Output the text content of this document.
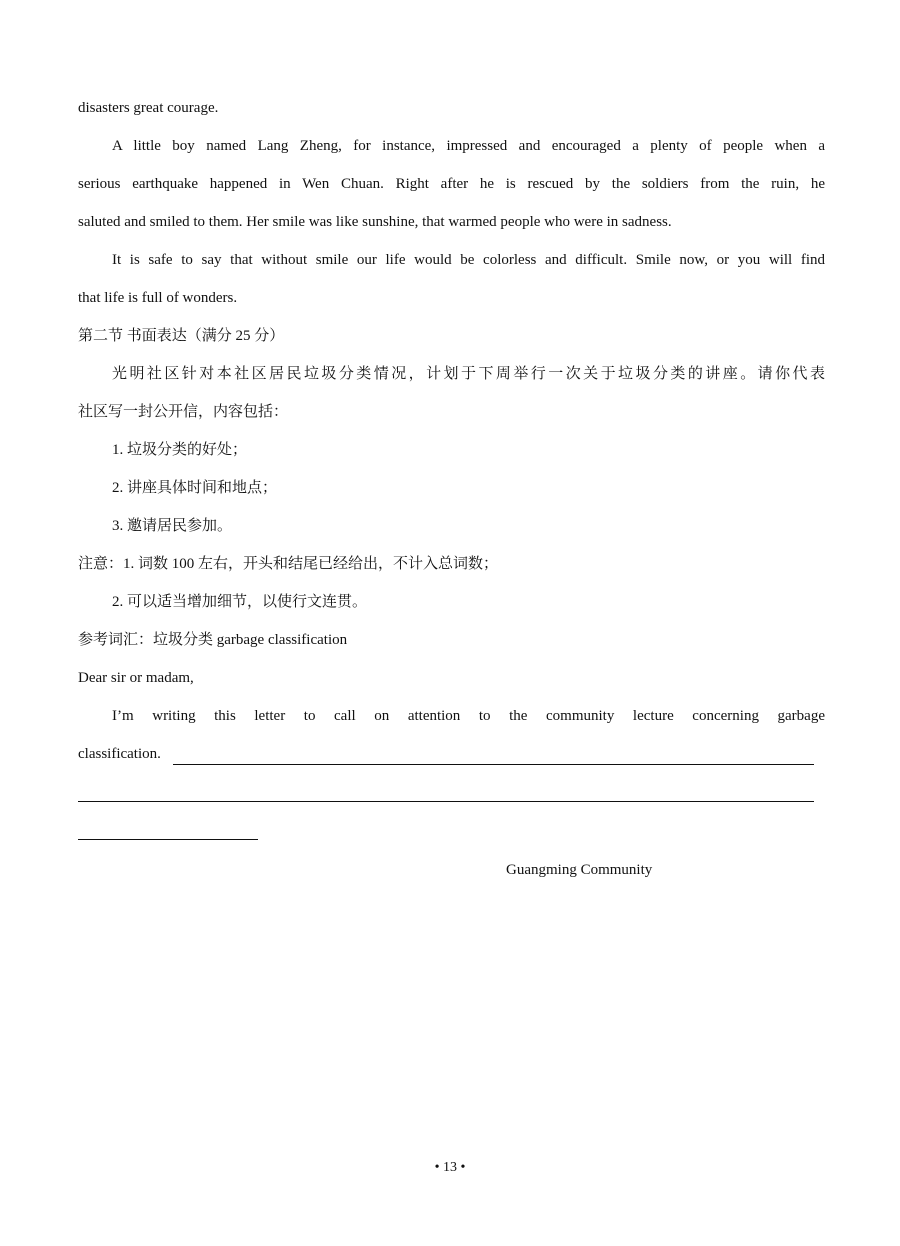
disasters great courage.
A little boy named Lang Zheng, for instance, impressed and encouraged a plenty of people when a
serious earthquake happened in Wen Chuan. Right after he is rescued by the soldiers from the ruin, he
saluted and smiled to them. Her smile was like sunshine, that warmed people who were in sadness.
It is safe to say that without smile our life would be colorless and difficult. Smile now, or you will find
that life is full of wonders.
第二节 书面表达（满分 25 分）
光明社区针对本社区居民垃圾分类情况，计划于下周举行一次关于垃圾分类的讲座。请你代表
社区写一封公开信，内容包括：
1. 垃圾分类的好处；
2. 讲座具体时间和地点；
3. 邀请居民参加。
注意：1. 词数 100 左右，开头和结尾已经给出，不计入总词数；
2. 可以适当增加细节，以使行文连贯。
参考词汇：垃圾分类 garbage classification
Dear sir or madam,
I’m writing this letter to call on attention to the community lecture concerning garbage
classification.
Guangming Community
• 13 •
